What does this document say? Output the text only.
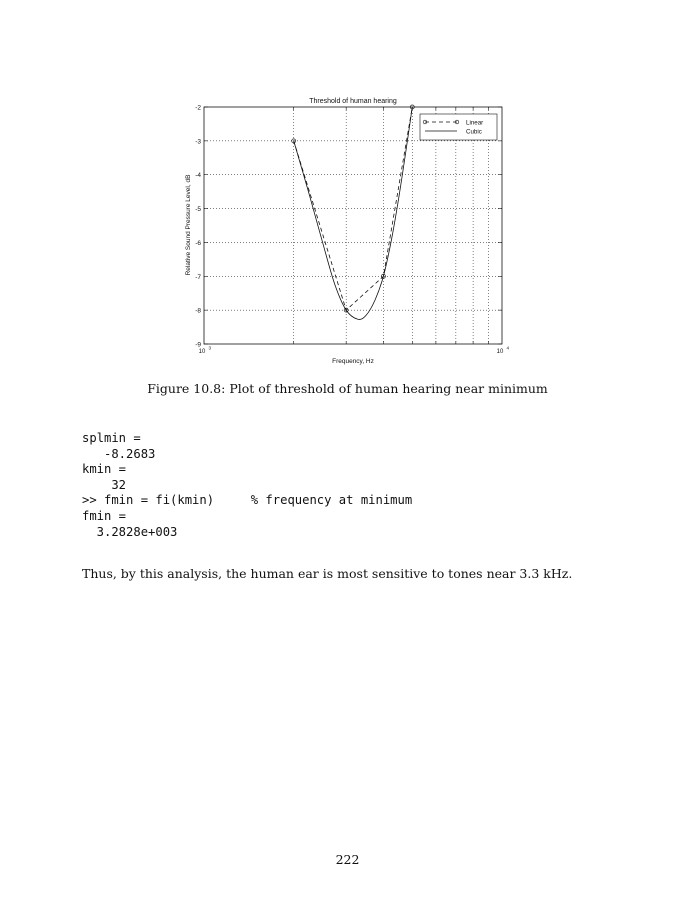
Threshold of human hearing
-9
-8
-7
-6
-5
-4
-3
-2
10
3
10
4
Linear
Cubic
Frequency, Hz
Relative Sound Pressure Level, dB
Figure 10.8: Plot of threshold of human hearing near minimum
splmin =
-8.2683
kmin =
32
>> fmin = fi(kmin)     % frequency at minimum
fmin =
3.2828e+003
Thus, by this analysis, the human ear is most sensitive to tones near 3.3 kHz.
222
